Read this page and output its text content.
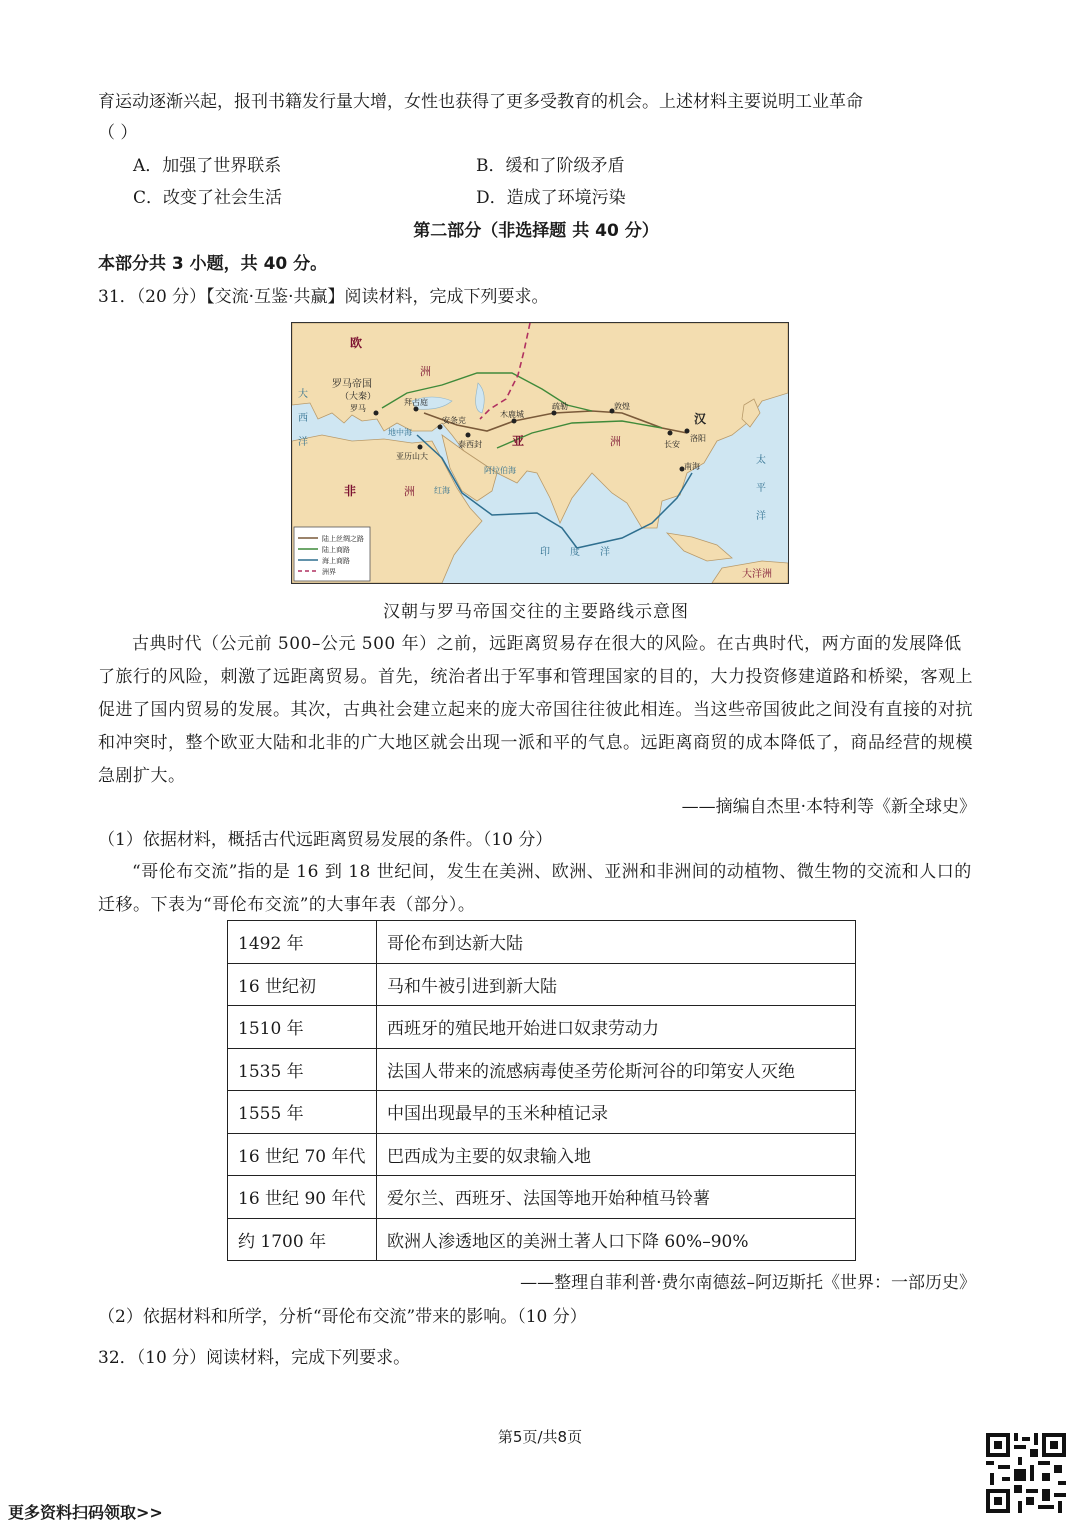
育运动逐渐兴起，报刊书籍发行量大增，女性也获得了更多受教育的机会。上述材料主要说明工业革命
（ ）
A．加强了世界联系	B．缓和了阶级矛盾
C．改变了社会生活	D．造成了环境污染
第二部分（非选择题 共 40 分）
本部分共 3 小题，共 40 分。
31．（20 分）【交流·互鉴·共赢】阅读材料，完成下列要求。
欧
洲
亚	洲
非	洲
大洋洲
罗马帝国
（大秦）
罗马
拜占庭
安条克
泰西封
亚历山大
木鹿城
疏勒	敦煌
汉
长安
洛阳
南海
红海
阿拉伯海
地中海
印 度 洋
大
西
洋
太
平
洋
陆上丝绸之路
陆上商路
海上商路
洲界
汉朝与罗马帝国交往的主要路线示意图
古典时代（公元前 500–公元 500 年）之前，远距离贸易存在很大的风险。在古典时代，两方面的发展降低了旅行的风险，刺激了远距离贸易。首先，统治者出于军事和管理国家的目的，大力投资修建道路和桥梁，客观上促进了国内贸易的发展。其次，古典社会建立起来的庞大帝国往往彼此相连。当这些帝国彼此之间没有直接的对抗和冲突时，整个欧亚大陆和北非的广大地区就会出现一派和平的气息。远距离商贸的成本降低了，商品经营的规模急剧扩大。
——摘编自杰里·本特利等《新全球史》
（1）依据材料，概括古代远距离贸易发展的条件。（10 分）
“哥伦布交流”指的是 16 到 18 世纪间，发生在美洲、欧洲、亚洲和非洲间的动植物、微生物的交流和人口的迁移。下表为“哥伦布交流”的大事年表（部分）。
1492 年	哥伦布到达新大陆
16 世纪初	马和牛被引进到新大陆
1510 年	西班牙的殖民地开始进口奴隶劳动力
1535 年	法国人带来的流感病毒使圣劳伦斯河谷的印第安人灭绝
1555 年	中国出现最早的玉米种植记录
16 世纪 70 年代	巴西成为主要的奴隶输入地
16 世纪 90 年代	爱尔兰、西班牙、法国等地开始种植马铃薯
约 1700 年	欧洲人渗透地区的美洲土著人口下降 60%–90%
——整理自菲利普·费尔南德兹–阿迈斯托《世界：一部历史》
（2）依据材料和所学，分析“哥伦布交流”带来的影响。（10 分）
32．（10 分）阅读材料，完成下列要求。
第5页/共8页
更多资料扫码领取>>
